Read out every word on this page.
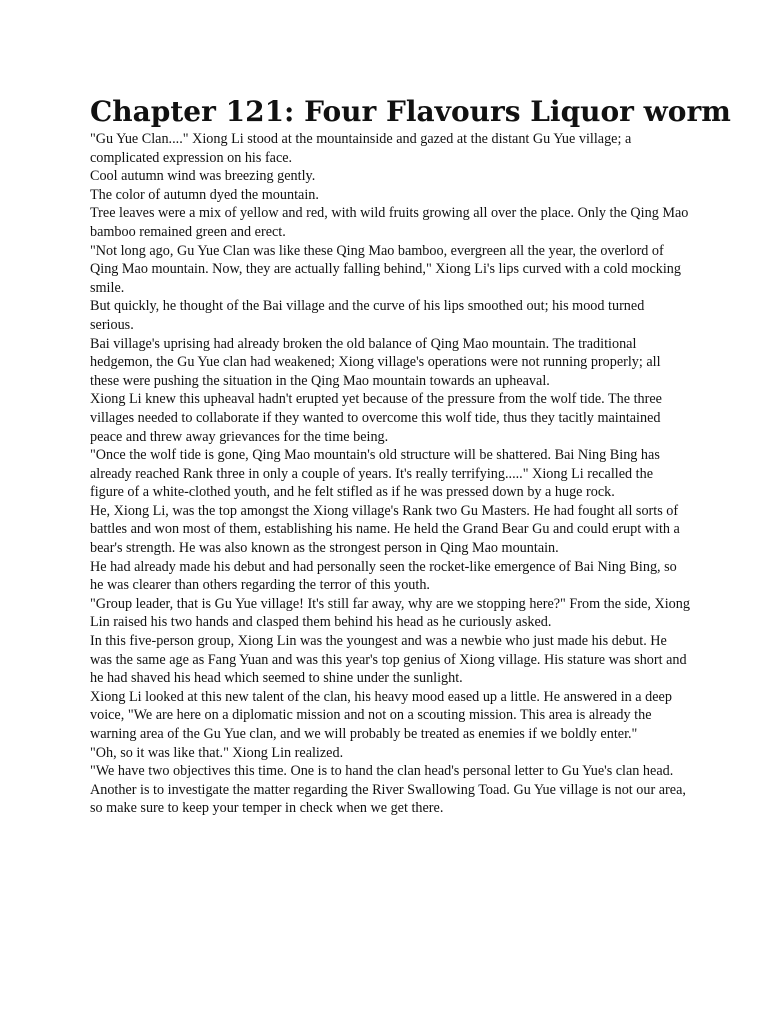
Chapter 121: Four Flavours Liquor worm

"Gu Yue Clan...." Xiong Li stood at the mountainside and gazed at the distant Gu Yue village; a complicated expression on his face.

Cool autumn wind was breezing gently.

The color of autumn dyed the mountain.

Tree leaves were a mix of yellow and red, with wild fruits growing all over the place. Only the Qing Mao bamboo remained green and erect.

"Not long ago, Gu Yue Clan was like these Qing Mao bamboo, evergreen all the year, the overlord of Qing Mao mountain. Now, they are actually falling behind," Xiong Li's lips curved with a cold mocking smile.

But quickly, he thought of the Bai village and the curve of his lips smoothed out; his mood turned serious.

Bai village's uprising had already broken the old balance of Qing Mao mountain. The traditional hedgemon, the Gu Yue clan had weakened; Xiong village's operations were not running properly; all these were pushing the situation in the Qing Mao mountain towards an upheaval.

Xiong Li knew this upheaval hadn't erupted yet because of the pressure from the wolf tide. The three villages needed to collaborate if they wanted to overcome this wolf tide, thus they tacitly maintained peace and threw away grievances for the time being.

"Once the wolf tide is gone, Qing Mao mountain's old structure will be shattered. Bai Ning Bing has already reached Rank three in only a couple of years. It's really terrifying....." Xiong Li recalled the figure of a white-clothed youth, and he felt stifled as if he was pressed down by a huge rock.

He, Xiong Li, was the top amongst the Xiong village's Rank two Gu Masters. He had fought all sorts of battles and won most of them, establishing his name. He held the Grand Bear Gu and could erupt with a bear's strength. He was also known as the strongest person in Qing Mao mountain.

He had already made his debut and had personally seen the rocket-like emergence of Bai Ning Bing, so he was clearer than others regarding the terror of this youth.

"Group leader, that is Gu Yue village! It's still far away, why are we stopping here?" From the side, Xiong Lin raised his two hands and clasped them behind his head as he curiously asked.

In this five-person group, Xiong Lin was the youngest and was a newbie who just made his debut. He was the same age as Fang Yuan and was this year's top genius of Xiong village. His stature was short and he had shaved his head which seemed to shine under the sunlight.

Xiong Li looked at this new talent of the clan, his heavy mood eased up a little. He answered in a deep voice, "We are here on a diplomatic mission and not on a scouting mission. This area is already the warning area of the Gu Yue clan, and we will probably be treated as enemies if we boldly enter."

"Oh, so it was like that." Xiong Lin realized.

"We have two objectives this time. One is to hand the clan head's personal letter to Gu Yue's clan head. Another is to investigate the matter regarding the River Swallowing Toad. Gu Yue village is not our area, so make sure to keep your temper in check when we get there.
